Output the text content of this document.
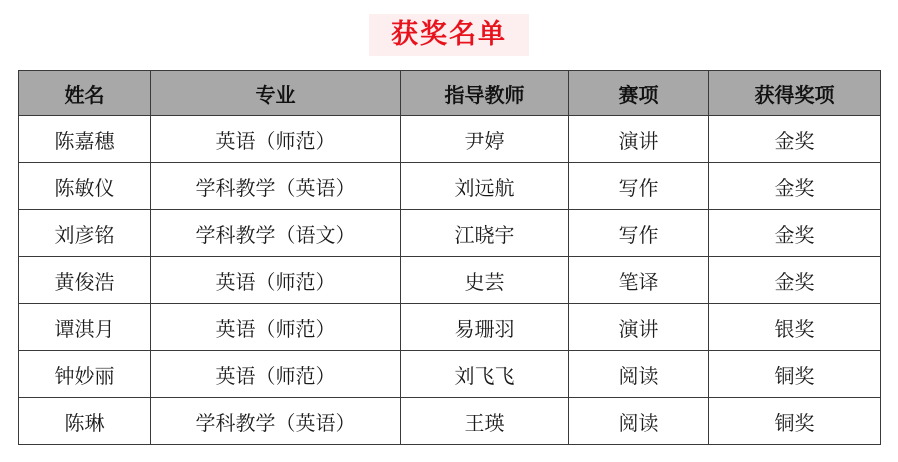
获奖名单
姓名	专业	指导教师	赛项	获得奖项
陈嘉穗	英语（师范）	尹婷	演讲	金奖
陈敏仪	学科教学（英语）	刘远航	写作	金奖
刘彦铭	学科教学（语文）	江晓宇	写作	金奖
黄俊浩	英语（师范）	史芸	笔译	金奖
谭淇月	英语（师范）	易珊羽	演讲	银奖
钟妙丽	英语（师范）	刘飞飞	阅读	铜奖
陈琳	学科教学（英语）	王瑛	阅读	铜奖
